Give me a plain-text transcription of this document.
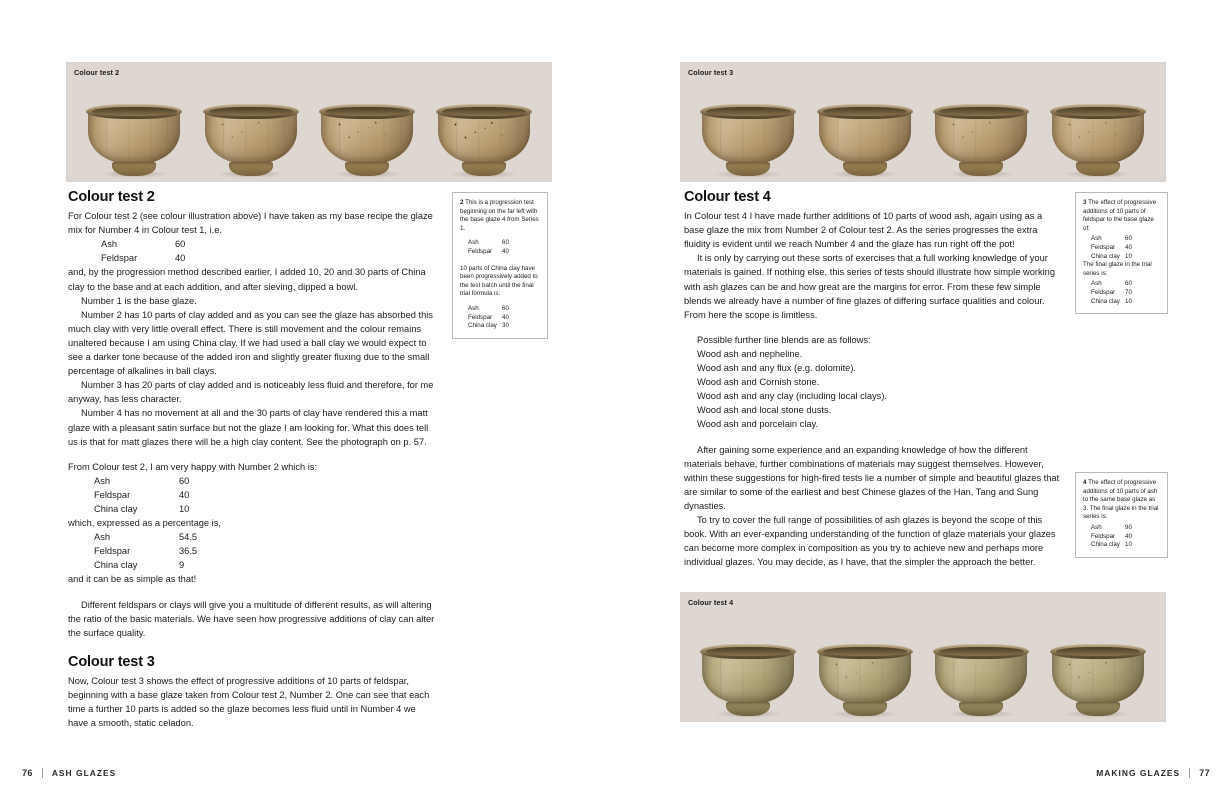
Colour test 2
Colour test 2

For Colour test 2 (see colour illustration above) I have taken as my base recipe the glaze mix for Number 4 in Colour test 1, i.e.

Ash	60
Feldspar	40

and, by the progression method described earlier, I added 10, 20 and 30 parts of China clay to the base and at each addition, and after sieving, dipped a bowl.

Number 1 is the base glaze.

Number 2 has 10 parts of clay added and as you can see the glaze has absorbed this much clay with very little overall effect. There is still movement and the colour remains unaltered because I am using China clay. If we had used a ball clay we would expect to see a darker tone because of the added iron and slightly greater fluxing due to the small percentage of alkalines in ball clays.

Number 3 has 20 parts of clay added and is noticeably less fluid and therefore, for me anyway, has less character.

Number 4 has no movement at all and the 30 parts of clay have rendered this a matt glaze with a pleasant satin surface but not the glaze I am looking for. What this does tell us is that for matt glazes there will be a high clay content. See the photograph on p. 57.

From Colour test 2, I am very happy with Number 2 which is:

Ash	60
Feldspar	40
China clay	10

which, expressed as a percentage is,

Ash	54.5
Feldspar	36.5
China clay	9

and it can be as simple as that!

Different feldspars or clays will give you a multitude of different results, as will altering the ratio of the basic materials. We have seen how progressive additions of clay can alter the surface quality.

Colour test 3

Now, Colour test 3 shows the effect of progressive additions of 10 parts of feldspar, beginning with a base glaze taken from Colour test 2, Number 2. One can see that each time a further 10 parts is added so the glaze becomes less fluid until in Number 4 we have a smooth, static celadon.

2 This is a progression test beginning on the far left with the base glaze 4 from Series 1.

Ash	60
Feldspar	40

10 parts of China clay have been progressively added to the test batch until the final trial formula is:

Ash	60
Feldspar	40
China clay 30
76 ASH GLAZES
Colour test 3
Colour test 4

In Colour test 4 I have made further additions of 10 parts of wood ash, again using as a base glaze the mix from Number 2 of Colour test 2. As the series progresses the extra fluidity is evident until we reach Number 4 and the glaze has run right off the pot!

It is only by carrying out these sorts of exercises that a full working knowledge of your materials is gained. If nothing else, this series of tests should illustrate how simple working with ash glazes can be and how great are the margins for error. From these few simple blends we already have a number of fine glazes of differing surface qualities and colour. From here the scope is limitless.

Possible further line blends are as follows:

Wood ash and nepheline.
Wood ash and any flux (e.g. dolomite).
Wood ash and Cornish stone.
Wood ash and any clay (including local clays).
Wood ash and local stone dusts.
Wood ash and porcelain clay.

After gaining some experience and an expanding knowledge of how the different materials behave, further combinations of materials may suggest themselves. However, within these suggestions for high-fired tests lie a number of simple and beautiful glazes that are similar to some of the earliest and best Chinese glazes of the Han, Tang and Sung dynasties.

To try to cover the full range of possibilities of ash glazes is beyond the scope of this book. With an ever-expanding understanding of the function of glaze materials your glazes can become more complex in composition as you try to achieve new and perhaps more individual glazes. You may decide, as I have, that the simpler the approach the better.

3 The effect of progressive additions of 10 parts of feldspar to the base glaze of:

Ash	60
Feldspar	40
China clay 10

The final glaze in the trial series is:

Ash	60
Feldspar	70
China clay 10

4 The effect of progressive additions of 10 parts of ash to the same base glaze as 3. The final glaze in the trial series is:

Ash	90
Feldspar	40
China clay 10
Colour test 4
MAKING GLAZES 77
